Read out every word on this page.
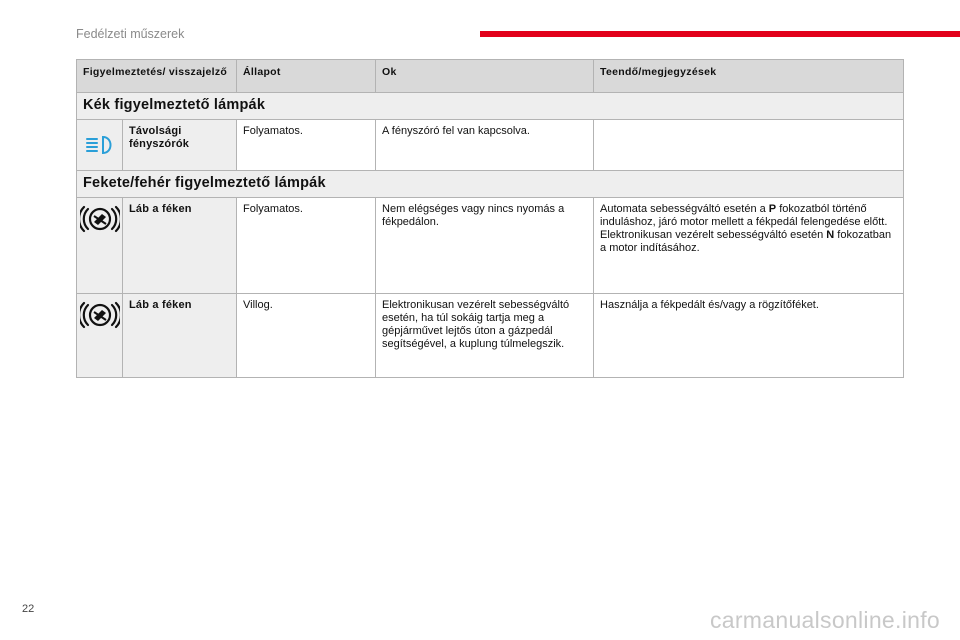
Fedélzeti műszerek
Figyelmeztetés/ visszajelző		Állapot	Ok	Teendő/megjegyzések
Kék figyelmeztető lámpák				

	Távolsági fényszórók	Folyamatos.	A fényszóró fel van kapcsolva.	
Fekete/fehér figyelmeztető lámpák				

	Láb a féken	Folyamatos.	Nem elégséges vagy nincs nyomás a fékpedálon.	Automata sebességváltó esetén a P fokozatból történő induláshoz, járó motor mellett a fékpedál felengedése előtt.
Elektronikusan vezérelt sebességváltó esetén N fokozatban a motor indításához.

	Láb a féken	Villog.	Elektronikusan vezérelt sebességváltó esetén, ha túl sokáig tartja meg a gépjárművet lejtős úton a gázpedál segítségével, a kuplung túlmelegszik.	Használja a fékpedált és/vagy a rögzítőféket.
22	carmanualsonline.info
